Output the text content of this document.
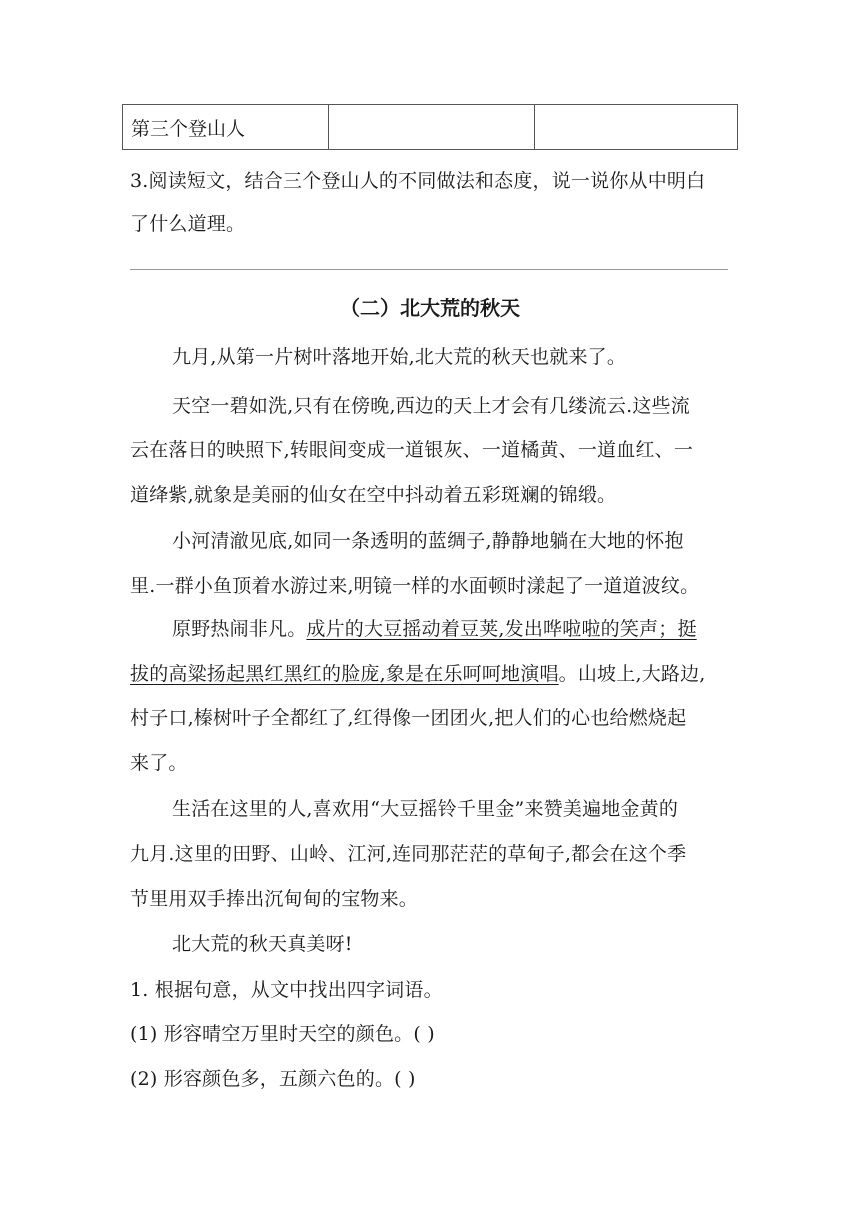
第三个登山人		
3.阅读短文，结合三个登山人的不同做法和态度，说一说你从中明白
了什么道理。
（二）北大荒的秋天
九月,从第一片树叶落地开始,北大荒的秋天也就来了。
天空一碧如洗,只有在傍晚,西边的天上才会有几缕流云.这些流
云在落日的映照下,转眼间变成一道银灰、一道橘黄、一道血红、一
道绛紫,就象是美丽的仙女在空中抖动着五彩斑斓的锦缎。
小河清澈见底,如同一条透明的蓝绸子,静静地躺在大地的怀抱
里.一群小鱼顶着水游过来,明镜一样的水面顿时漾起了一道道波纹。
原野热闹非凡。成片的大豆摇动着豆荚,发出哗啦啦的笑声；挺
拔的高粱扬起黑红黑红的脸庞,象是在乐呵呵地演唱。山坡上,大路边,
村子口,榛树叶子全都红了,红得像一团团火,把人们的心也给燃烧起
来了。
生活在这里的人,喜欢用“大豆摇铃千里金”来赞美遍地金黄的
九月.这里的田野、山岭、江河,连同那茫茫的草甸子,都会在这个季
节里用双手捧出沉甸甸的宝物来。
北大荒的秋天真美呀!
1. 根据句意，从文中找出四字词语。
(1) 形容晴空万里时天空的颜色。( )
(2) 形容颜色多，五颜六色的。( )
